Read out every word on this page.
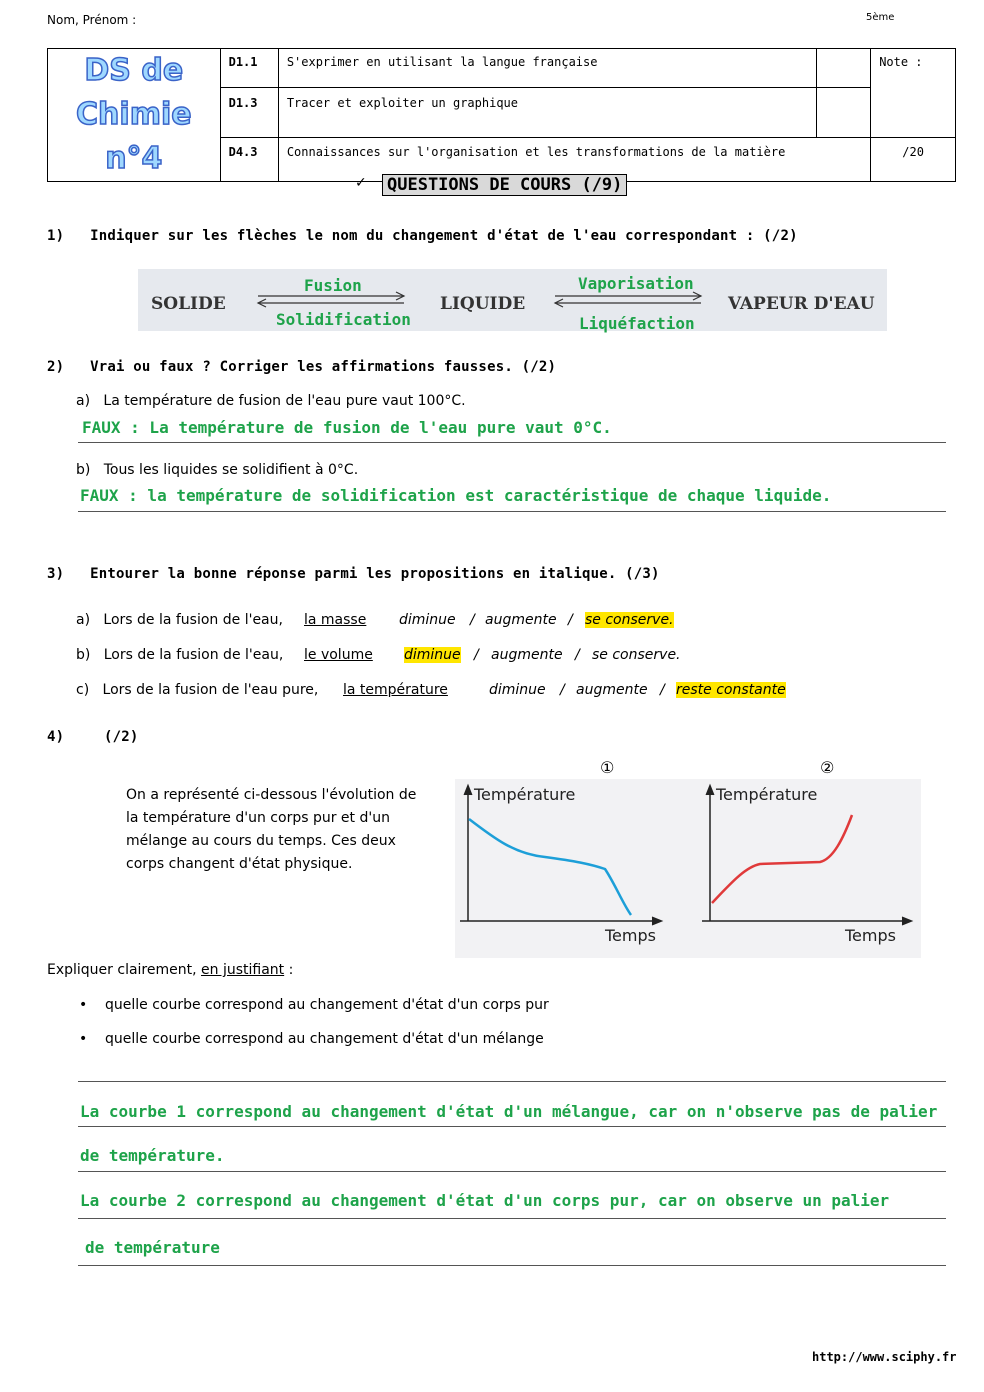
Nom, Prénom :	5ème
DS de
Chimie n°4	D1.1	S'exprimer en utilisant la langue française		Note :
	D1.3	Tracer et exploiter un graphique		
	D4.3	Connaissances sur l'organisation et les transformations de la matière		/20
✓ QUESTIONS DE COURS (/9)
1)   Indiquer sur les flèches le nom du changement d'état de l'eau correspondant : (/2)
SOLIDE	LIQUIDE	VAPEUR D'EAU
Fusion
Solidification
Vaporisation
Liquéfaction
2)   Vrai ou faux ? Corriger les affirmations fausses. (/2)
a)   La température de fusion de l'eau pure vaut 100°C.
FAUX : La température de fusion de l'eau pure vaut 0°C.
b)   Tous les liquides se solidifient à 0°C.
FAUX : la température de solidification est caractéristique de chaque liquide.
3)   Entourer la bonne réponse parmi les propositions en italique. (/3)
a)   Lors de la fusion de l'eau, la masse diminue / augmente / se conserve.
b)   Lors de la fusion de l'eau, le volume diminue / augmente / se conserve.
c)   Lors de la fusion de l'eau pure, la température	diminue / augmente / reste constante
4)	(/2)
On a représenté ci-dessous l'évolution de la température d'un corps pur et d'un mélange au cours du temps. Ces deux corps changent d'état physique.
①	②
Température
Temps
Température
Temps
Expliquer clairement, en justifiant :
• quelle courbe correspond au changement d'état d'un corps pur
• quelle courbe correspond au changement d'état d'un mélange
La courbe 1 correspond au changement d'état d'un mélangue, car on n'observe pas de palier
de température.
La courbe 2 correspond au changement d'état d'un corps pur, car on observe un palier
de température
http://www.sciphy.fr
